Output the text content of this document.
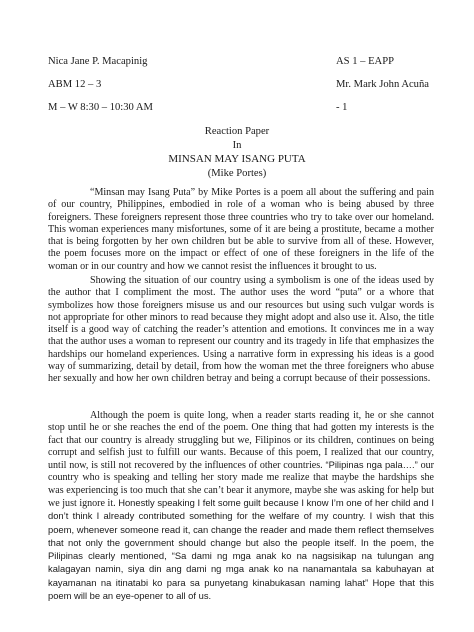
Nica Jane P. Macapinig
ABM 12 – 3
M – W 8:30 – 10:30 AM
AS 1 – EAPP
Mr. Mark John Acuña
- 1
Reaction Paper
In
MINSAN MAY ISANG PUTA
(Mike Portes)

“Minsan may Isang Puta” by Mike Portes is a poem all about the suffering and pain of our country, Philippines, embodied in role of a woman who is being abused by three foreigners. These foreigners represent those three countries who try to take over our homeland. This woman experiences many misfortunes, some of it are being a prostitute, became a mother that is being forgotten by her own children but be able to survive from all of these. However, the poem focuses more on the impact or effect of one of these foreigners in the life of the woman or in our country and how we cannot resist the influences it brought to us.

Showing the situation of our country using a symbolism is one of the ideas used by the author that I compliment the most. The author uses the word “puta” or a whore that symbolizes how those foreigners misuse us and our resources but using such vulgar words is not appropriate for other minors to read because they might adopt and also use it. Also, the title itself is a good way of catching the reader’s attention and emotions. It convinces me in a way that the author uses a woman to represent our country and its tragedy in life that emphasizes the hardships our homeland experiences. Using a narrative form in expressing his ideas is a good way of summarizing, detail by detail, from how the woman met the three foreigners who abuse her sexually and how her own children betray and being a corrupt because of their possessions.

Although the poem is quite long, when a reader starts reading it, he or she cannot stop until he or she reaches the end of the poem. One thing that had gotten my interests is the fact that our country is already struggling but we, Filipinos or its children, continues on being corrupt and selfish just to fulfill our wants. Because of this poem, I realized that our country, until now, is still not recovered by the influences of other countries. “Pilipinas nga pala….” our country who is speaking and telling her story made me realize that maybe the hardships she was experiencing is too much that she can’t bear it anymore, maybe she was asking for help but we just ignore it. Honestly speaking I felt some guilt because I know I’m one of her child and I don’t think I already contributed something for the welfare of my country. I wish that this poem, whenever someone read it, can change the reader and made them reflect themselves that not only the government should change but also the people itself. In the poem, the Pilipinas clearly mentioned, “Sa dami ng mga anak ko na nagsisikap na tulungan ang kalagayan namin, siya din ang dami ng mga anak ko na nanamantala sa kabuhayan at kayamanan na itinatabi ko para sa punyetang kinabukasan naming lahat” Hope that this poem will be an eye-opener to all of us.
